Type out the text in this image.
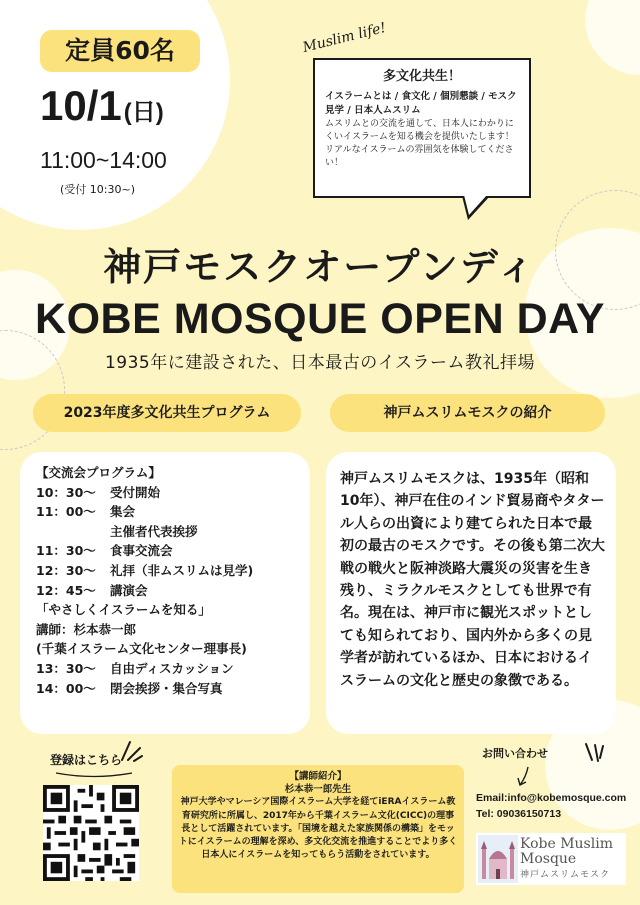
定員60名
10/1(日)
11:00~14:00
(受付 10:30~)
Muslim life!
多文化共生！
イスラームとは / 食文化 / 個別懇談 / モスク見学 / 日本人ムスリム
ムスリムとの交流を通して、日本人にわかりにくいイスラームを知る機会を提供いたします！リアルなイスラームの雰囲気を体験してください！
神戸モスクオープンディ
KOBE MOSQUE OPEN DAY
1935年に建設された、日本最古のイスラーム教礼拝場
2023年度多文化共生プログラム	神戸ムスリムモスクの紹介
【交流会プログラム】
10：30～ 受付開始
11：00～ 集会
主催者代表挨拶
11：30～ 食事交流会
12：30～ 礼拝（非ムスリムは見学)
12：45～ 講演会
「やさしくイスラームを知る」
講師：杉本恭一郎
(千葉イスラーム文化センター理事長)
13：30～ 自由ディスカッション
14：00～ 閉会挨拶・集合写真
神戸ムスリムモスクは、1935年（昭和10年）、神戸在住のインド貿易商やタタール人らの出資により建てられた日本で最初の最古のモスクです。その後も第二次大戦の戦火と阪神淡路大震災の災害を生き残り、ミラクルモスクとしても世界で有名。現在は、神戸市に観光スポットとしても知られており、国内外から多くの見学者が訪れているほか、日本におけるイスラームの文化と歴史の象徴である。
登録はこちら
【講師紹介】
杉本恭一郎先生
神戸大学やマレーシア国際イスラーム大学を経てiERAイスラーム教育研究所に所属し、2017年から千葉イスラーム文化(CICC)の理事長として活躍されています。「国境を越えた家族関係の構築」をモットにイスラームの理解を深め、多文化交流を推進することでより多く日本人にイスラームを知ってもらう活動をされています。
お問い合わせ
Email:info@kobemosque.com
Tel: 09036150713
Kobe Muslim
Mosque
神戸ムスリムモスク
